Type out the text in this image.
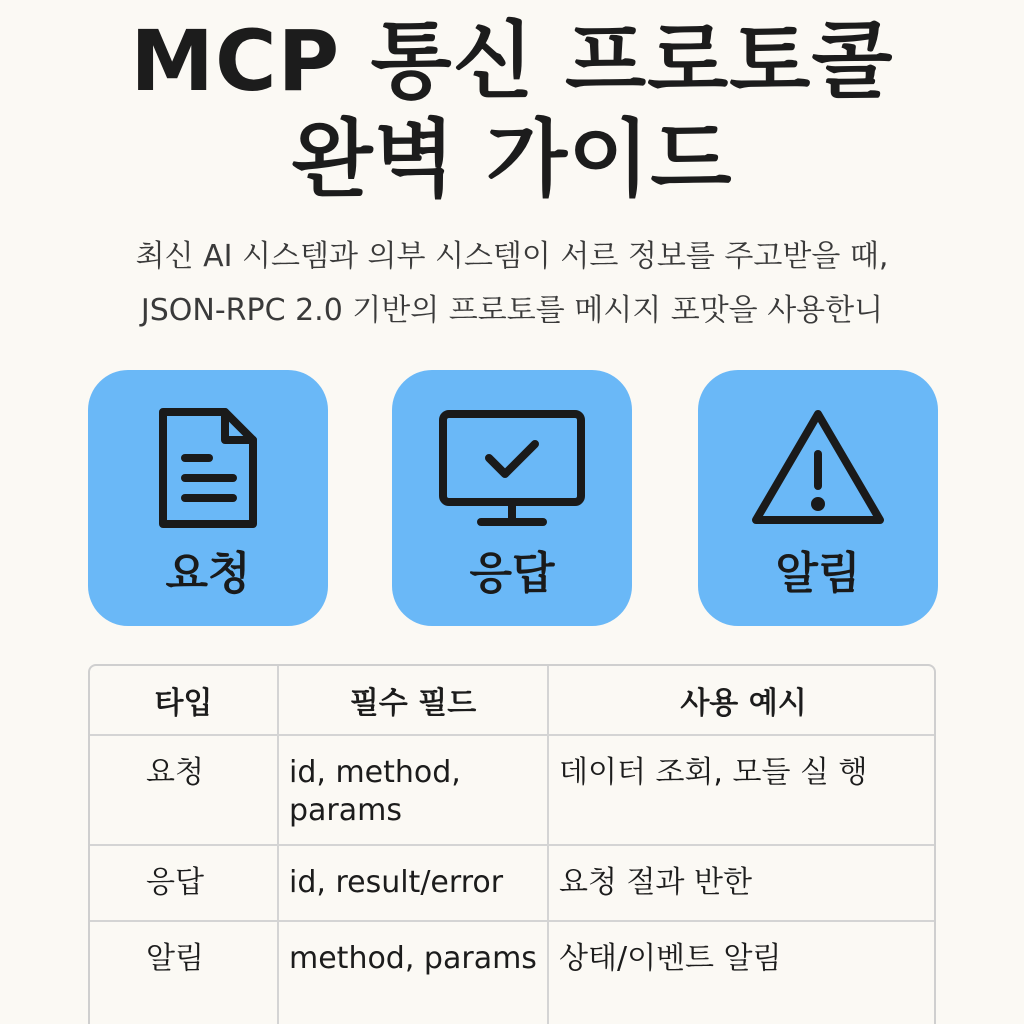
MCP 통신 프로토콜
완벽 가이드

최신 AI 시스템과 의부 시스템이 서르 정보를 주고받을 때,
JSON-RPC 2.0 기반의 프로토를 메시지 포맛을 사용한니

요청	응답	알림
타입	필수 필드	사용 예시
요청	id, method, params	데이터 조회, 모들 실 행
응답	id, result/error	요청 절과 반한
알림	method, params	상태/이벤트 알림
